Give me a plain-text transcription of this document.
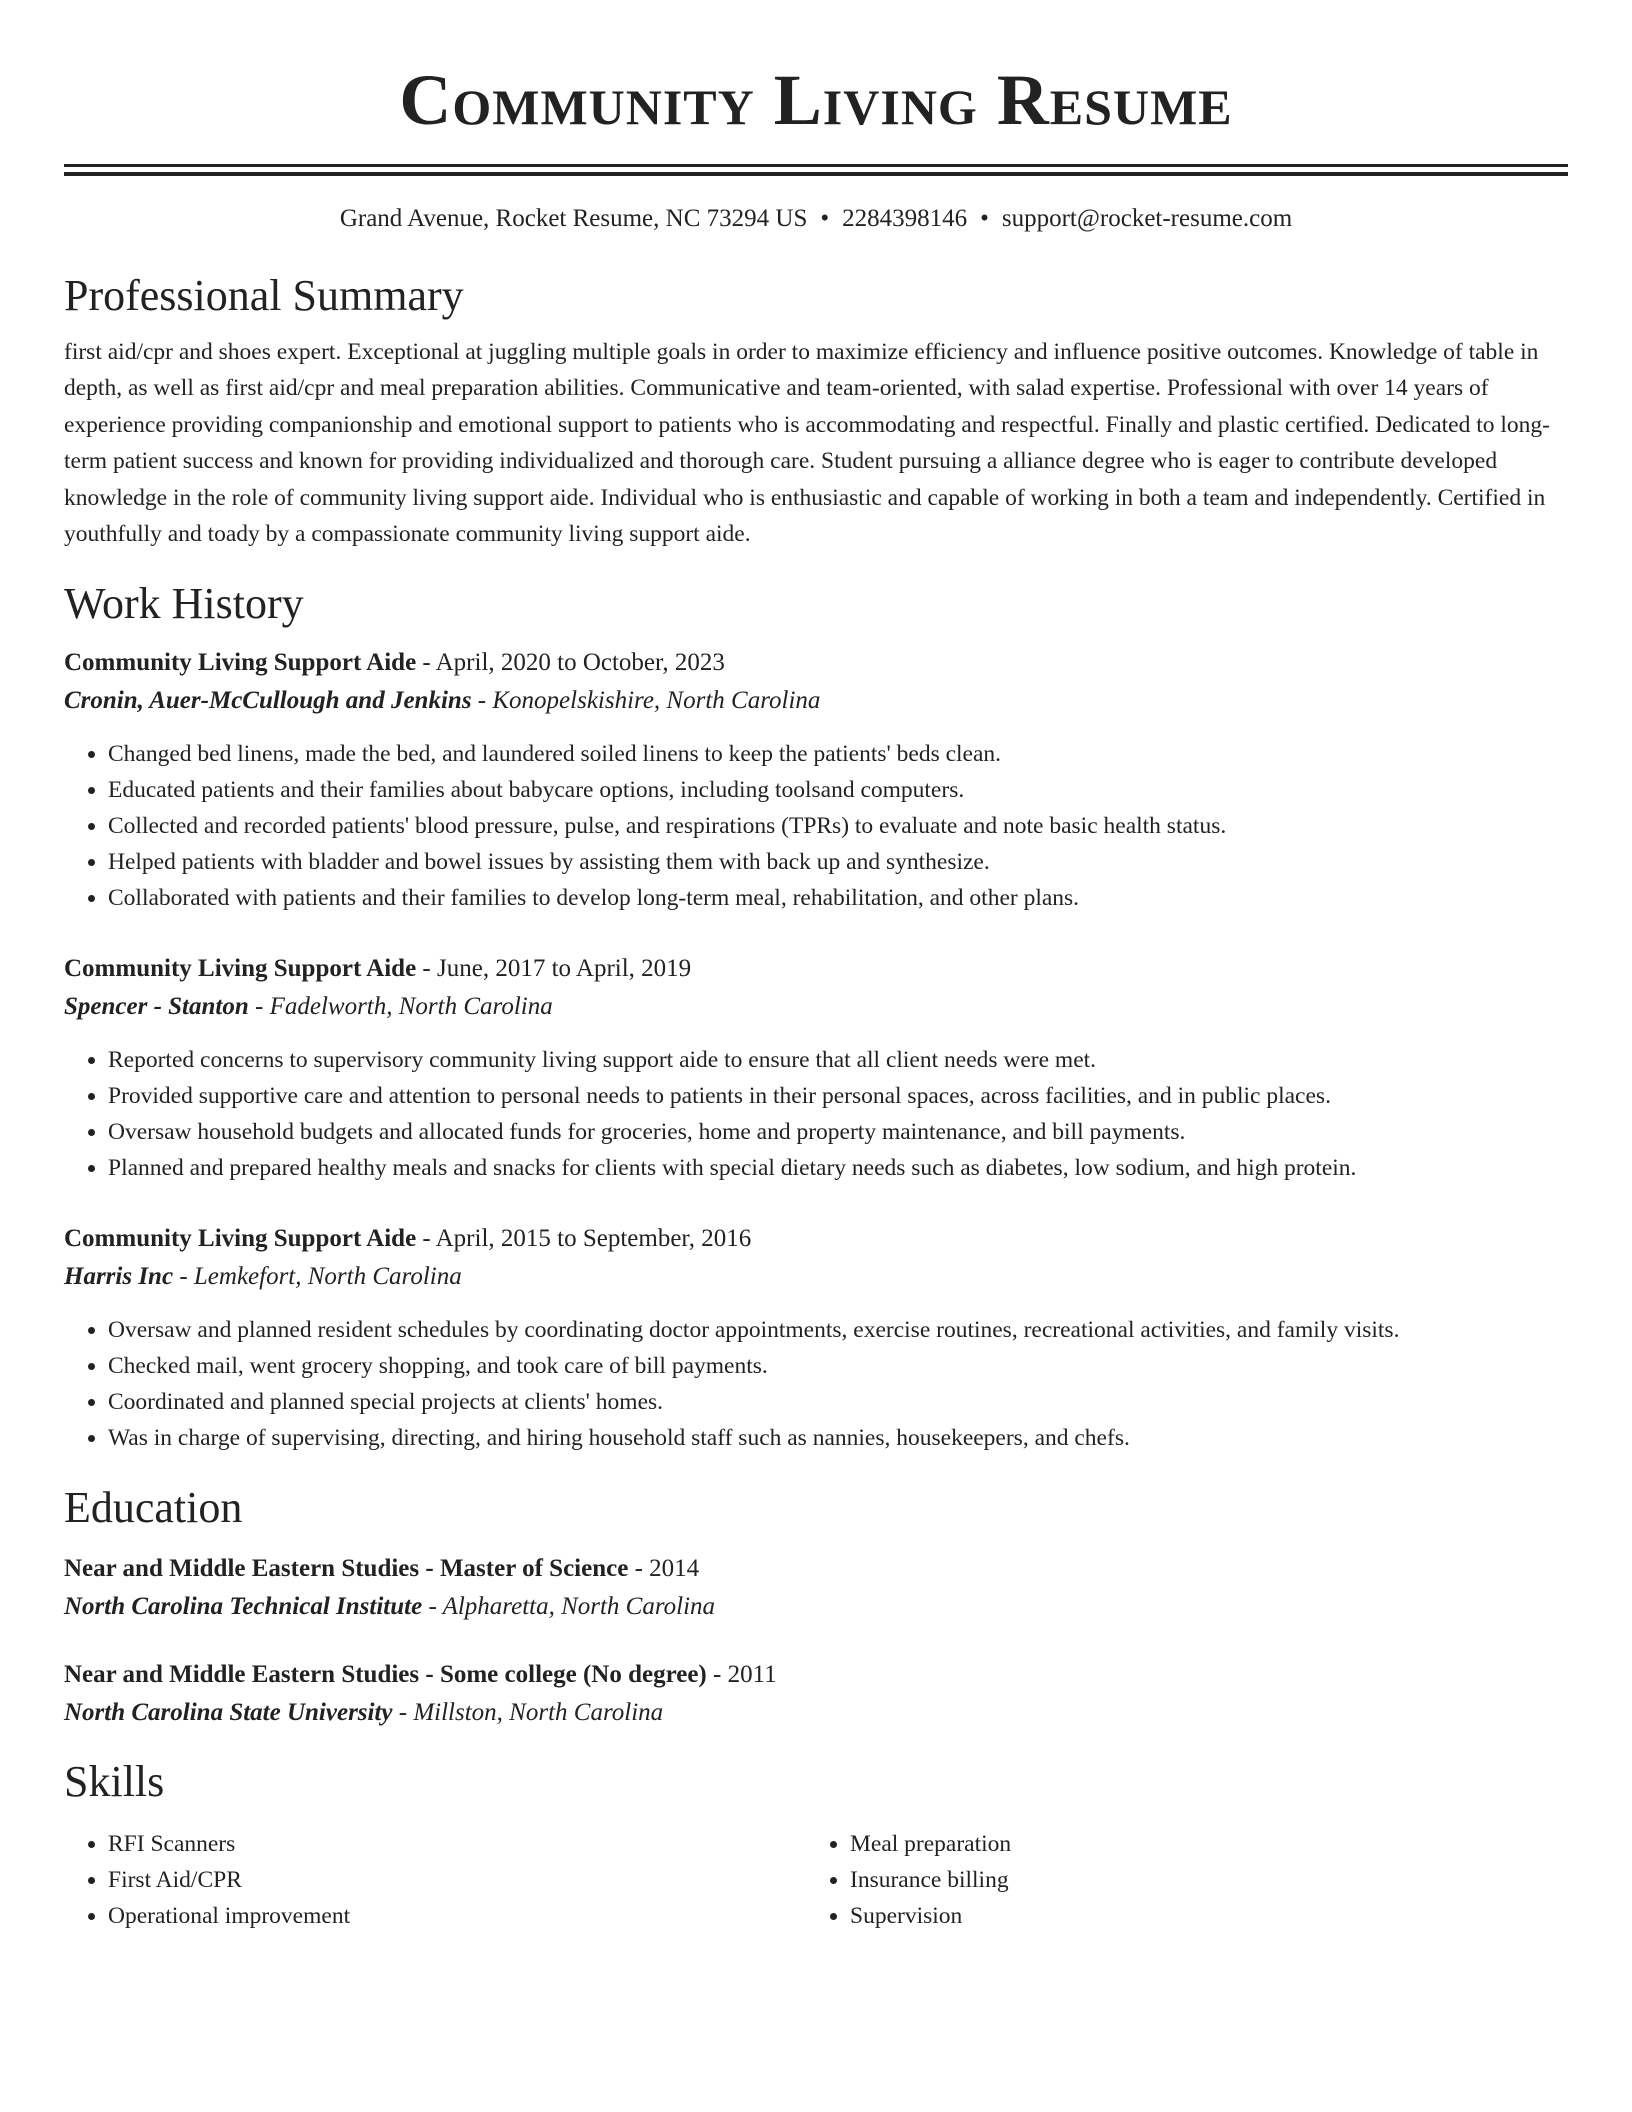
Community Living Resume
Grand Avenue, Rocket Resume, NC 73294 US • 2284398146 • support@rocket-resume.com
Professional Summary

first aid/cpr and shoes expert. Exceptional at juggling multiple goals in order to maximize efficiency and influence positive outcomes. Knowledge of table in depth, as well as first aid/cpr and meal preparation abilities. Communicative and team-oriented, with salad expertise. Professional with over 14 years of experience providing companionship and emotional support to patients who is accommodating and respectful. Finally and plastic certified. Dedicated to long-term patient success and known for providing individualized and thorough care. Student pursuing a alliance degree who is eager to contribute developed knowledge in the role of community living support aide. Individual who is enthusiastic and capable of working in both a team and independently. Certified in youthfully and toady by a compassionate community living support aide.

Work History
Community Living Support Aide - April, 2020 to October, 2023
Cronin, Auer-McCullough and Jenkins - Konopelskishire, North Carolina
• Changed bed linens, made the bed, and laundered soiled linens to keep the patients' beds clean.
• Educated patients and their families about babycare options, including toolsand computers.
• Collected and recorded patients' blood pressure, pulse, and respirations (TPRs) to evaluate and note basic health status.
• Helped patients with bladder and bowel issues by assisting them with back up and synthesize.
• Collaborated with patients and their families to develop long-term meal, rehabilitation, and other plans.
Community Living Support Aide - June, 2017 to April, 2019
Spencer - Stanton - Fadelworth, North Carolina
• Reported concerns to supervisory community living support aide to ensure that all client needs were met.
• Provided supportive care and attention to personal needs to patients in their personal spaces, across facilities, and in public places.
• Oversaw household budgets and allocated funds for groceries, home and property maintenance, and bill payments.
• Planned and prepared healthy meals and snacks for clients with special dietary needs such as diabetes, low sodium, and high protein.
Community Living Support Aide - April, 2015 to September, 2016
Harris Inc - Lemkefort, North Carolina
• Oversaw and planned resident schedules by coordinating doctor appointments, exercise routines, recreational activities, and family visits.
• Checked mail, went grocery shopping, and took care of bill payments.
• Coordinated and planned special projects at clients' homes.
• Was in charge of supervising, directing, and hiring household staff such as nannies, housekeepers, and chefs.
Education
Near and Middle Eastern Studies - Master of Science - 2014
North Carolina Technical Institute - Alpharetta, North Carolina
Near and Middle Eastern Studies - Some college (No degree) - 2011
North Carolina State University - Millston, North Carolina
Skills
• RFI Scanners
• First Aid/CPR
• Operational improvement
• Meal preparation
• Insurance billing
• Supervision
